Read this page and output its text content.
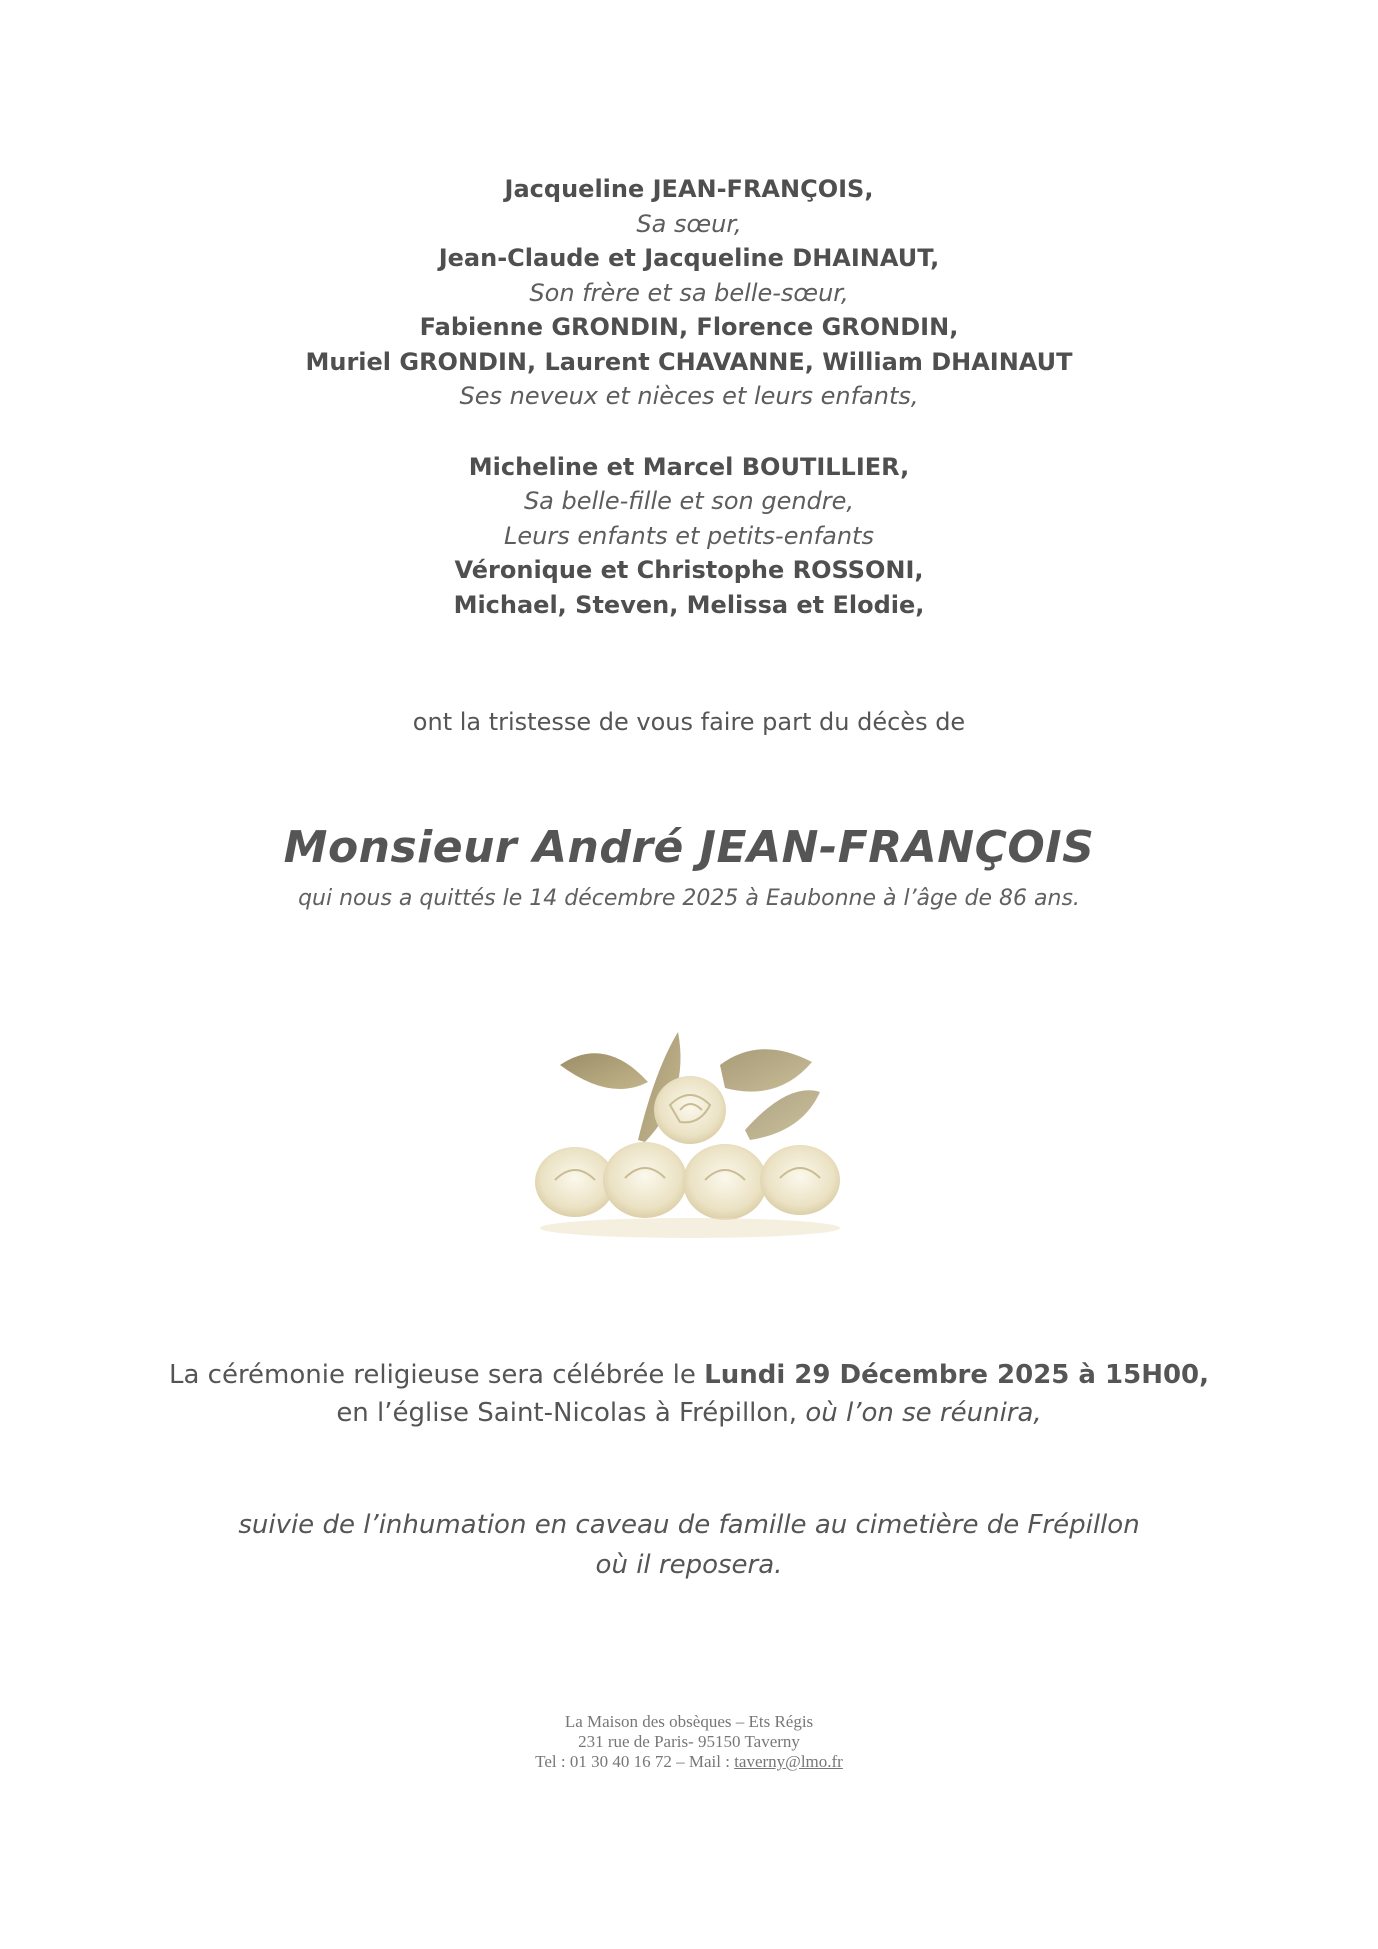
Jacqueline JEAN-FRANÇOIS,
Sa sœur,
Jean-Claude et Jacqueline DHAINAUT,
Son frère et sa belle-sœur,
Fabienne GRONDIN, Florence GRONDIN,
Muriel GRONDIN, Laurent CHAVANNE, William DHAINAUT
Ses neveux et nièces et leurs enfants,
Micheline et Marcel BOUTILLIER,
Sa belle-fille et son gendre,
Leurs enfants et petits-enfants
Véronique et Christophe ROSSONI,
Michael, Steven, Melissa et Elodie,
ont la tristesse de vous faire part du décès de
Monsieur André JEAN-FRANÇOIS
qui nous a quittés le 14 décembre 2025 à Eaubonne à l’âge de 86 ans.
La cérémonie religieuse sera célébrée le Lundi 29 Décembre 2025 à 15H00,
en l’église Saint-Nicolas à Frépillon, où l’on se réunira,
suivie de l’inhumation en caveau de famille au cimetière de Frépillon
où il reposera.
La Maison des obsèques – Ets Régis
231 rue de Paris- 95150 Taverny
Tel : 01 30 40 16 72 – Mail : taverny@lmo.fr
